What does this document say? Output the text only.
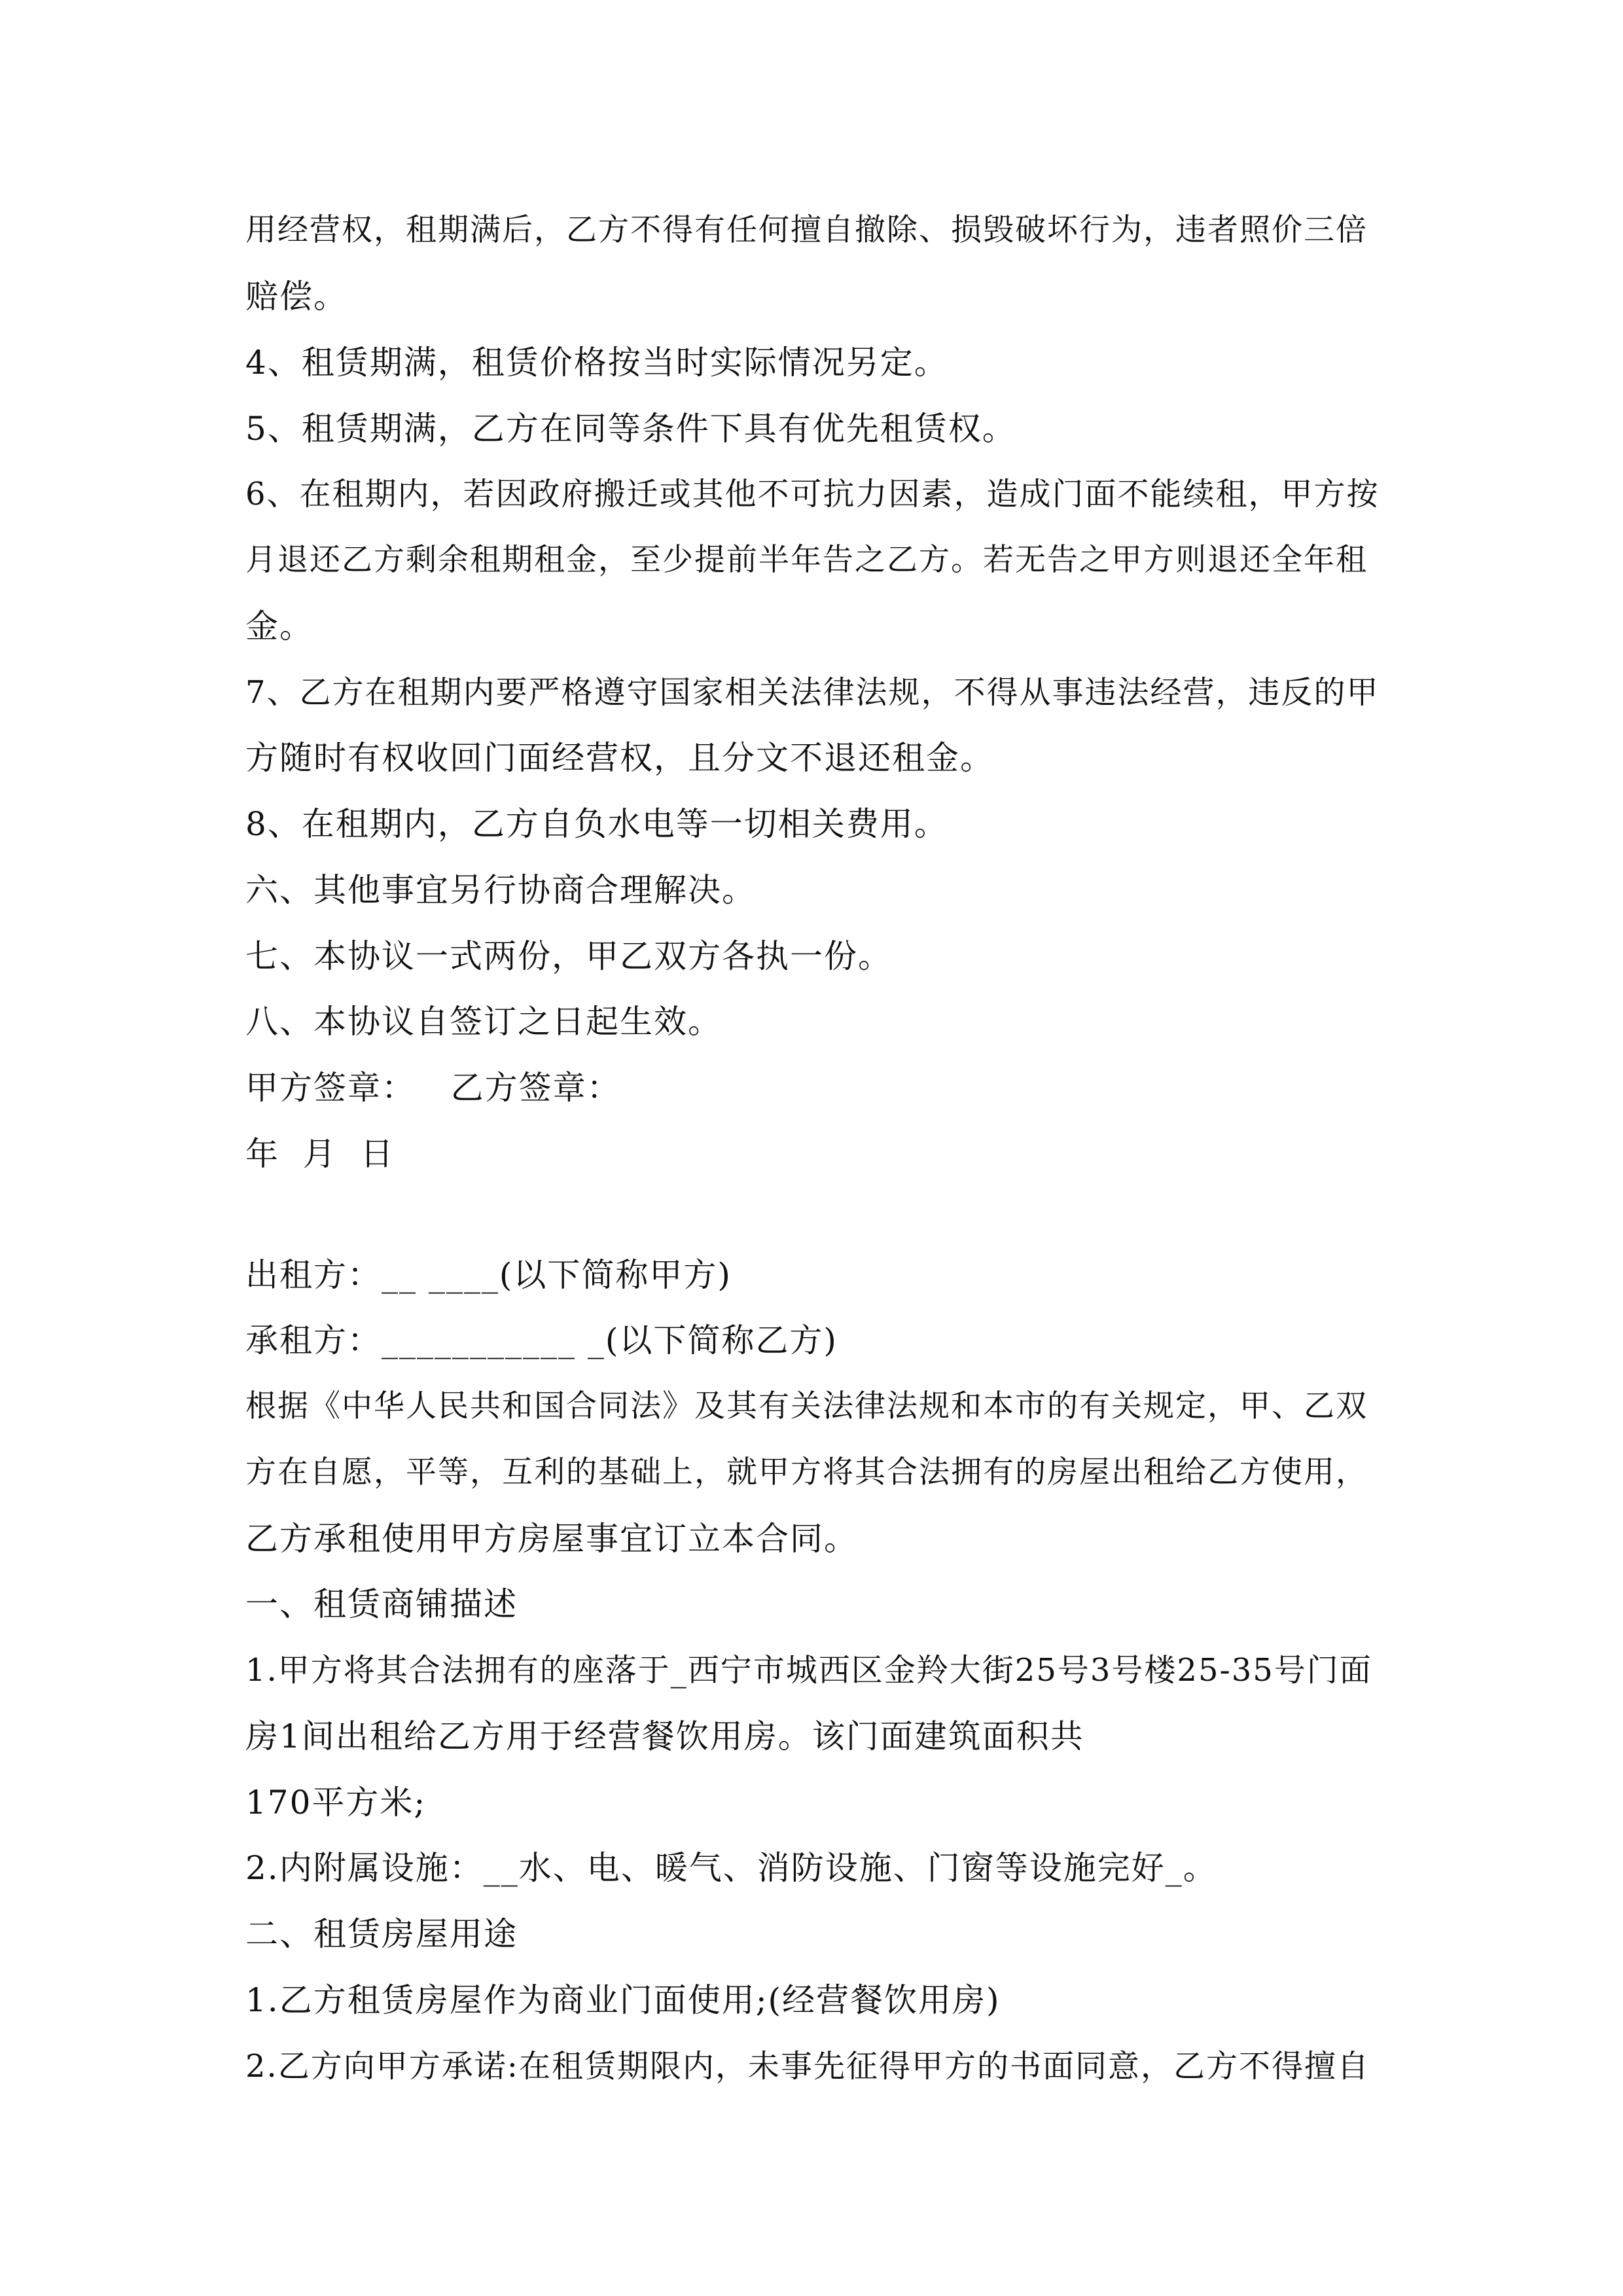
用经营权，租期满后，乙方不得有任何擅自撤除、损毁破坏行为，违者照价三倍
赔偿。
4、租赁期满，租赁价格按当时实际情况另定。
5、租赁期满，乙方在同等条件下具有优先租赁权。
6、在租期内，若因政府搬迁或其他不可抗力因素，造成门面不能续租，甲方按
月退还乙方剩余租期租金，至少提前半年告之乙方。若无告之甲方则退还全年租
金。
7、乙方在租期内要严格遵守国家相关法律法规，不得从事违法经营，违反的甲
方随时有权收回门面经营权，且分文不退还租金。
8、在租期内，乙方自负水电等一切相关费用。
六、其他事宜另行协商合理解决。
七、本协议一式两份，甲乙双方各执一份。
八、本协议自签订之日起生效。
甲方签章：   乙方签章：
年  月  日
出租方：__ ____(以下简称甲方)
承租方：___________ _(以下简称乙方)
根据《中华人民共和国合同法》及其有关法律法规和本市的有关规定，甲、乙双
方在自愿，平等，互利的基础上，就甲方将其合法拥有的房屋出租给乙方使用，
乙方承租使用甲方房屋事宜订立本合同。
一、租赁商铺描述
1.甲方将其合法拥有的座落于_西宁市城西区金羚大街25号3号楼25-35号门面
房1间出租给乙方用于经营餐饮用房。该门面建筑面积共
170平方米;
2.内附属设施：__水、电、暖气、消防设施、门窗等设施完好_。
二、租赁房屋用途
1.乙方租赁房屋作为商业门面使用;(经营餐饮用房)
2.乙方向甲方承诺:在租赁期限内，未事先征得甲方的书面同意，乙方不得擅自
